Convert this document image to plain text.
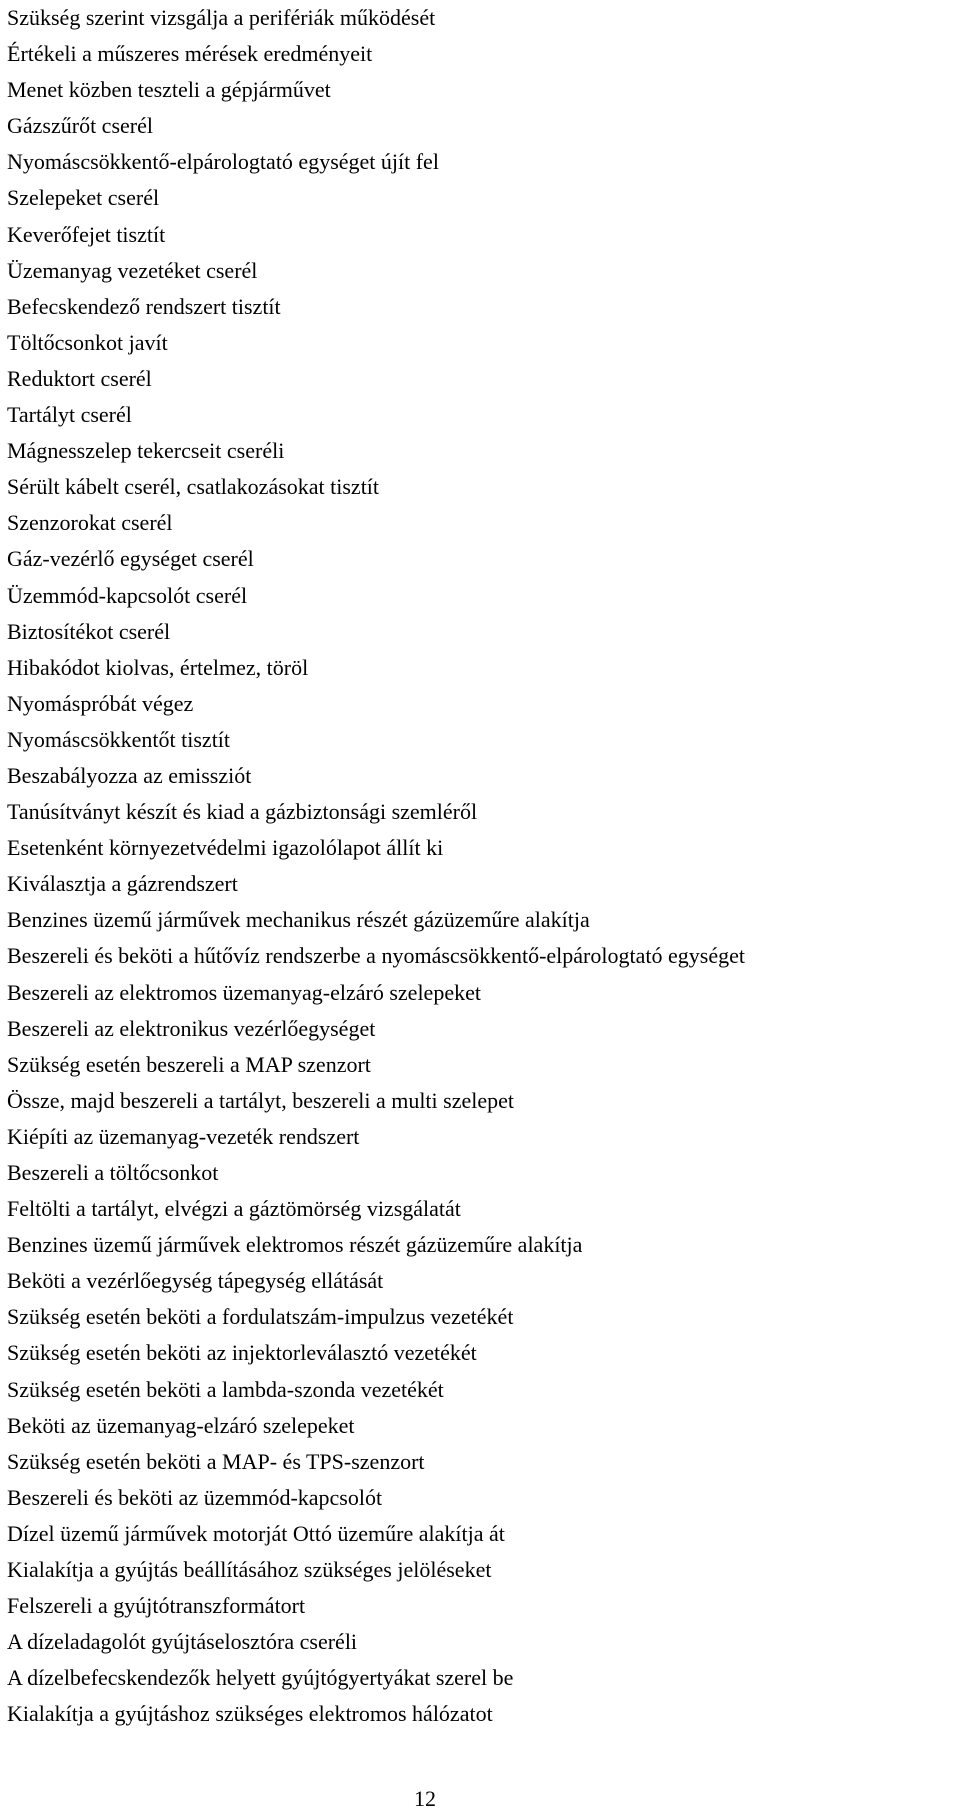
Szükség szerint vizsgálja a perifériák működését
Értékeli a műszeres mérések eredményeit
Menet közben teszteli a gépjárművet
Gázszűrőt cserél
Nyomáscsökkentő-elpárologtató egységet újít fel
Szelepeket cserél
Keverőfejet tisztít
Üzemanyag vezetéket cserél
Befecskendező rendszert tisztít
Töltőcsonkot javít
Reduktort cserél
Tartályt cserél
Mágnesszelep tekercseit cseréli
Sérült kábelt cserél, csatlakozásokat tisztít
Szenzorokat cserél
Gáz-vezérlő egységet cserél
Üzemmód-kapcsolót cserél
Biztosítékot cserél
Hibakódot kiolvas, értelmez, töröl
Nyomáspróbát végez
Nyomáscsökkentőt tisztít
Beszabályozza az emissziót
Tanúsítványt készít és kiad a gázbiztonsági szemléről
Esetenként környezetvédelmi igazolólapot állít ki
Kiválasztja a gázrendszert
Benzines üzemű járművek mechanikus részét gázüzeműre alakítja
Beszereli és beköti a hűtővíz rendszerbe a nyomáscsökkentő-elpárologtató egységet
Beszereli az elektromos üzemanyag-elzáró szelepeket
Beszereli az elektronikus vezérlőegységet
Szükség esetén beszereli a MAP szenzort
Össze, majd beszereli a tartályt, beszereli a multi szelepet
Kiépíti az üzemanyag-vezeték rendszert
Beszereli a töltőcsonkot
Feltölti a tartályt, elvégzi a gáztömörség vizsgálatát
Benzines üzemű járművek elektromos részét gázüzeműre alakítja
Beköti a vezérlőegység tápegység ellátását
Szükség esetén beköti a fordulatszám-impulzus vezetékét
Szükség esetén beköti az injektorleválasztó vezetékét
Szükség esetén beköti a lambda-szonda vezetékét
Beköti az üzemanyag-elzáró szelepeket
Szükség esetén beköti a MAP- és TPS-szenzort
Beszereli és beköti az üzemmód-kapcsolót
Dízel üzemű járművek motorját Ottó üzeműre alakítja át
Kialakítja a gyújtás beállításához szükséges jelöléseket
Felszereli a gyújtótranszformátort
A dízeladagolót gyújtáselosztóra cseréli
A dízelbefecskendezők helyett gyújtógyertyákat szerel be
Kialakítja a gyújtáshoz szükséges elektromos hálózatot
12
